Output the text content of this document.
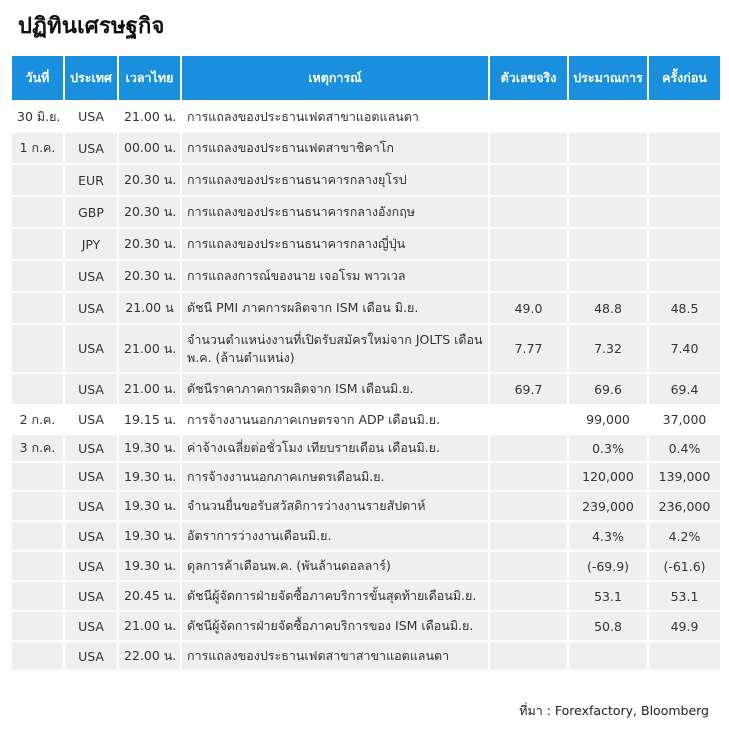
ปฏิทินเศรษฐกิจ
วันที่	ประเทศ	เวลาไทย	เหตุการณ์	ตัวเลขจริง	ประมาณการ	ครั้งก่อน
30 มิ.ย.	USA	21.00 น.	การแถลงของประธานเฟดสาขาแอตแลนตา			
1 ก.ค.	USA	00.00 น.	การแถลงของประธานเฟดสาขาชิคาโก			
	EUR	20.30 น.	การแถลงของประธานธนาคารกลางยุโรป			
	GBP	20.30 น.	การแถลงของประธานธนาคารกลางอังกฤษ			
	JPY	20.30 น.	การแถลงของประธานธนาคารกลางญี่ปุ่น			
	USA	20.30 น.	การแถลงการณ์ของนาย เจอโรม พาวเวล			
	USA	21.00 น	ดัชนี PMI ภาคการผลิตจาก ISM เดือน มิ.ย.	49.0	48.8	48.5
	USA	21.00 น.	จำนวนตำแหน่งงานที่เปิดรับสมัครใหม่จาก JOLTS เดือน พ.ค. (ล้านตำแหน่ง)	7.77	7.32	7.40
	USA	21.00 น.	ดัชนีราคาภาคการผลิตจาก ISM เดือนมิ.ย.	69.7	69.6	69.4
2 ก.ค.	USA	19.15 น.	การจ้างงานนอกภาคเกษตรจาก ADP เดือนมิ.ย.		99,000	37,000
3 ก.ค.	USA	19.30 น.	ค่าจ้างเฉลี่ยต่อชั่วโมง เทียบรายเดือน เดือนมิ.ย.		0.3%	0.4%
	USA	19.30 น.	การจ้างงานนอกภาคเกษตรเดือนมิ.ย.		120,000	139,000
	USA	19.30 น.	จำนวนยื่นขอรับสวัสดิการว่างงานรายสัปดาห์		239,000	236,000
	USA	19.30 น.	อัตราการว่างงานเดือนมิ.ย.		4.3%	4.2%
	USA	19.30 น.	ดุลการค้าเดือนพ.ค. (พันล้านดอลลาร์)		(-69.9)	(-61.6)
	USA	20.45 น.	ดัชนีผู้จัดการฝ่ายจัดซื้อภาคบริการขั้นสุดท้ายเดือนมิ.ย.		53.1	53.1
	USA	21.00 น.	ดัชนีผู้จัดการฝ่ายจัดซื้อภาคบริการของ ISM เดือนมิ.ย.		50.8	49.9
	USA	22.00 น.	การแถลงของประธานเฟดสาขาสาขาแอตแลนตา			
ที่มา : Forexfactory, Bloomberg
